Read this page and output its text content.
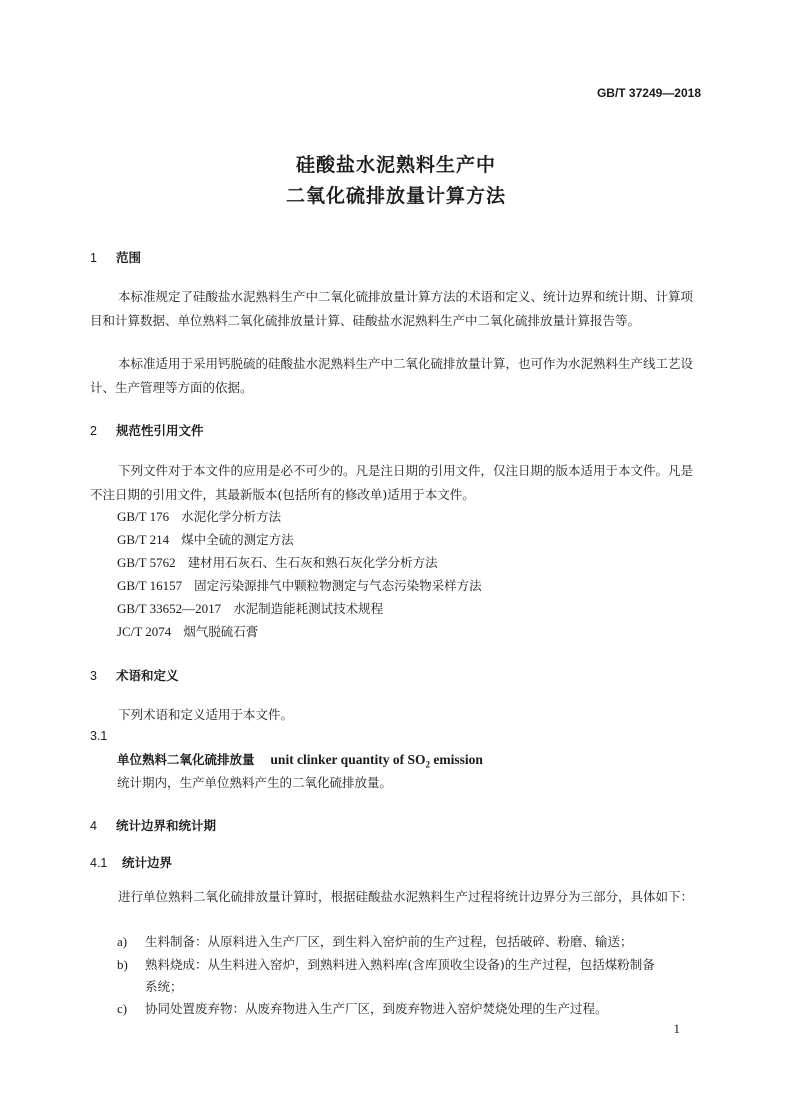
GB/T 37249—2018
硅酸盐水泥熟料生产中
二氧化硫排放量计算方法
1 范围
本标准规定了硅酸盐水泥熟料生产中二氧化硫排放量计算方法的术语和定义、统计边界和统计期、计算项目和计算数据、单位熟料二氧化硫排放量计算、硅酸盐水泥熟料生产中二氧化硫排放量计算报告等。
本标准适用于采用钙脱硫的硅酸盐水泥熟料生产中二氧化硫排放量计算，也可作为水泥熟料生产线工艺设计、生产管理等方面的依据。
2 规范性引用文件
下列文件对于本文件的应用是必不可少的。凡是注日期的引用文件，仅注日期的版本适用于本文件。凡是不注日期的引用文件，其最新版本(包括所有的修改单)适用于本文件。
GB/T 176 水泥化学分析方法
GB/T 214 煤中全硫的测定方法
GB/T 5762 建材用石灰石、生石灰和熟石灰化学分析方法
GB/T 16157 固定污染源排气中颗粒物测定与气态污染物采样方法
GB/T 33652—2017 水泥制造能耗测试技术规程
JC/T 2074 烟气脱硫石膏
3 术语和定义
下列术语和定义适用于本文件。
3.1
单位熟料二氧化硫排放量 unit clinker quantity of $SO_2$ emission
统计期内，生产单位熟料产生的二氧化硫排放量。
4 统计边界和统计期
4.1 统计边界
进行单位熟料二氧化硫排放量计算时，根据硅酸盐水泥熟料生产过程将统计边界分为三部分，具体如下：
a) 生料制备：从原料进入生产厂区，到生料入窑炉前的生产过程，包括破碎、粉磨、输送；
b) 熟料烧成：从生料进入窑炉，到熟料进入熟料库(含库顶收尘设备)的生产过程，包括煤粉制备
系统；
c) 协同处置废弃物：从废弃物进入生产厂区，到废弃物进入窑炉焚烧处理的生产过程。
1
